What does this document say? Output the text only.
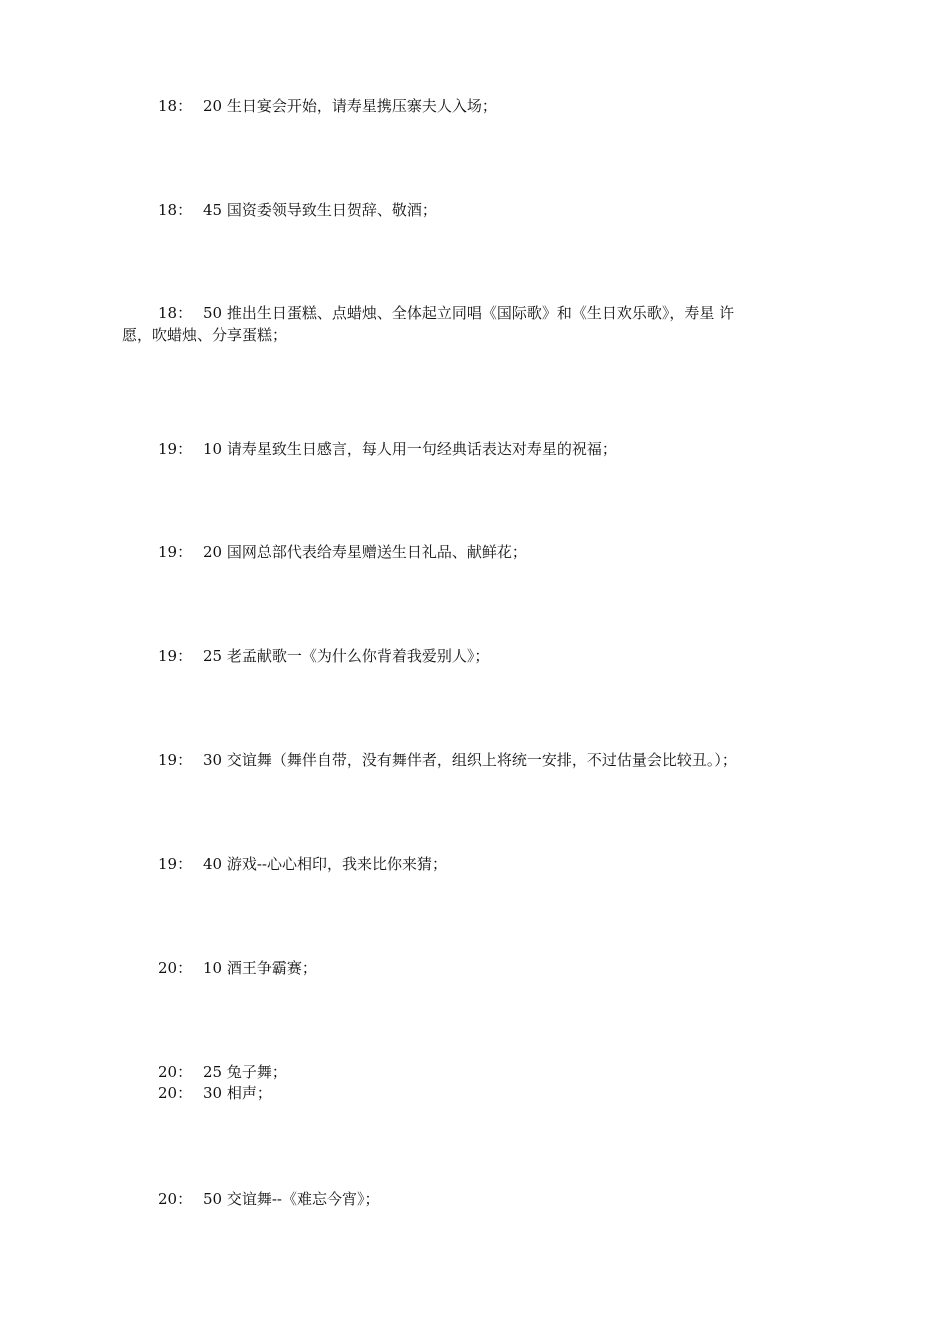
18： 20 生日宴会开始，请寿星携压寨夫人入场；
18： 45 国资委领导致生日贺辞、敬酒；
18： 50 推出生日蛋糕、点蜡烛、全体起立同唱《国际歌》和《生日欢乐歌》，寿星 许
愿，吹蜡烛、分享蛋糕；
19： 10 请寿星致生日感言，每人用一句经典话表达对寿星的祝福；
19： 20 国网总部代表给寿星赠送生日礼品、献鲜花；
19： 25 老孟献歌一《为什么你背着我爱别人》；
19： 30 交谊舞（舞伴自带，没有舞伴者，组织上将统一安排，不过估量会比较丑。）；
19： 40 游戏--心心相印，我来比你来猜；
20： 10 酒王争霸赛；
20： 25 兔子舞；
20： 30 相声；
20： 50 交谊舞--《难忘今宵》；
